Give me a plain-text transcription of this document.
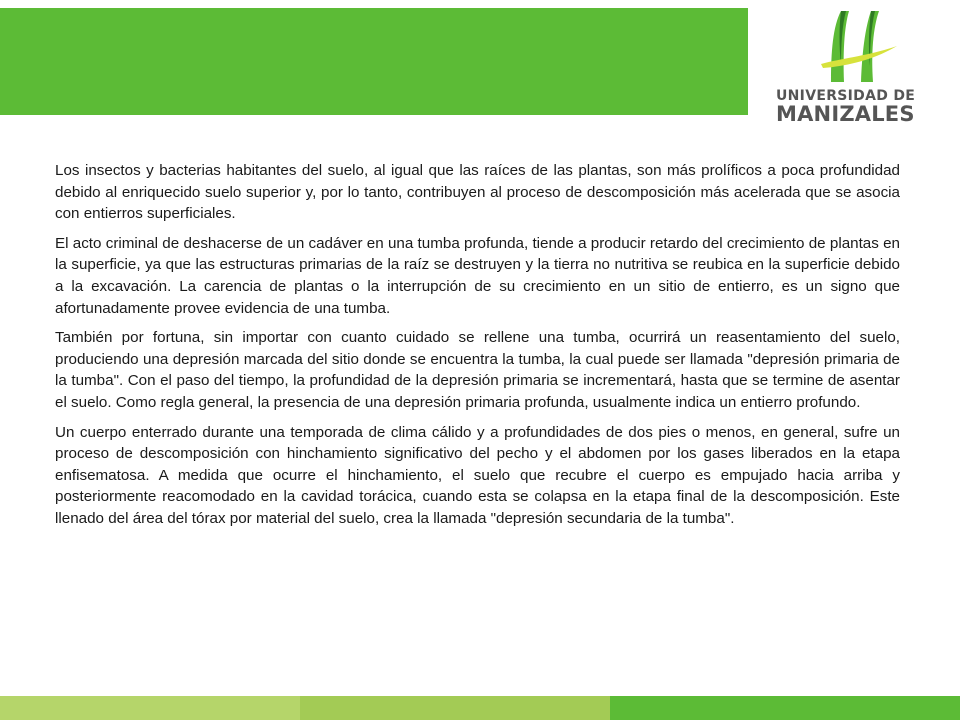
UNIVERSIDAD DE
MANIZALES

Los insectos y bacterias habitantes del suelo, al igual que las raíces de las plantas, son más prolíficos a poca profundidad debido al enriquecido suelo superior y, por lo tanto, contribuyen al proceso de descomposición más acelerada que se asocia con entierros superficiales.

El acto criminal de deshacerse de un cadáver en una tumba profunda, tiende a producir retardo del crecimiento de plantas en la superficie, ya que las estructuras primarias de la raíz se destruyen y la tierra no nutritiva se reubica en la superficie debido a la excavación. La carencia de plantas o la interrupción de su crecimiento en un sitio de entierro, es un signo que afortunadamente provee evidencia de una tumba.

También por fortuna, sin importar con cuanto cuidado se rellene una tumba, ocurrirá un reasentamiento del suelo, produciendo una depresión marcada del sitio donde se encuentra la tumba, la cual puede ser llamada "depresión primaria de la tumba". Con el paso del tiempo, la profundidad de la depresión primaria se incrementará, hasta que se termine de asentar el suelo. Como regla general, la presencia de una depresión primaria profunda, usualmente indica un entierro profundo.

Un cuerpo enterrado durante una temporada de clima cálido y a profundidades de dos pies o menos, en general, sufre un proceso de descomposición con hinchamiento significativo del pecho y el abdomen por los gases liberados en la etapa enfisematosa. A medida que ocurre el hinchamiento, el suelo que recubre el cuerpo es empujado hacia arriba y posteriormente reacomodado en la cavidad torácica, cuando esta se colapsa en la etapa final de la descomposición. Este llenado del área del tórax por material del suelo, crea la llamada "depresión secundaria de la tumba".
